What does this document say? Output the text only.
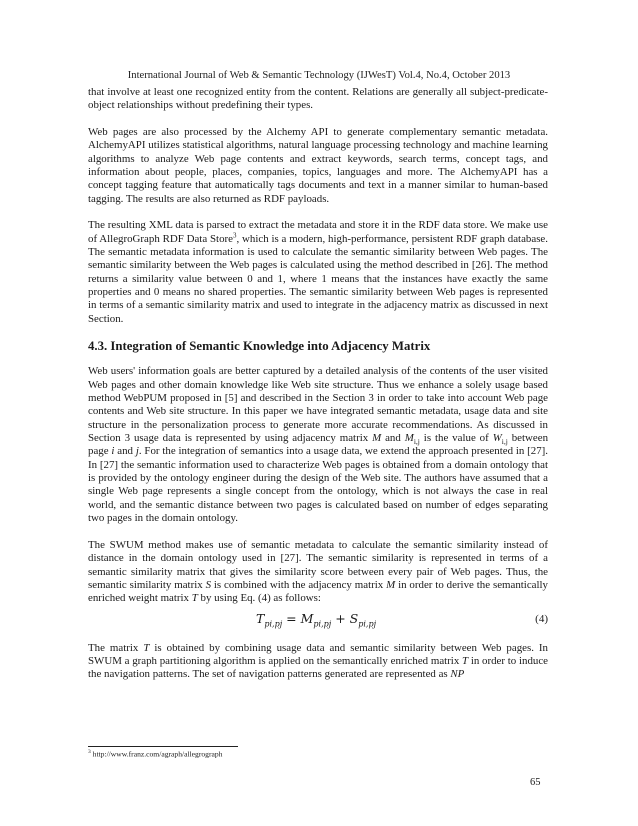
International Journal of Web & Semantic Technology (IJWesT) Vol.4, No.4, October 2013

that involve at least one recognized entity from the content. Relations are generally all subject-predicate-object relationships without predefining their types.

Web pages are also processed by the Alchemy API to generate complementary semantic metadata. AlchemyAPI utilizes statistical algorithms, natural language processing technology and machine learning algorithms to analyze Web page contents and extract keywords, search terms, concept tags, and information about people, places, companies, topics, languages and more. The AlchemyAPI has a concept tagging feature that automatically tags documents and text in a manner similar to human-based tagging. The results are also returned as RDF payloads.

The resulting XML data is parsed to extract the metadata and store it in the RDF data store. We make use of AllegroGraph RDF Data Store$^3$, which is a modern, high-performance, persistent RDF graph database. The semantic metadata information is used to calculate the semantic similarity between Web pages. The semantic similarity between the Web pages is calculated using the method described in [26]. The method returns a similarity value between 0 and 1, where 1 means that the instances have exactly the same properties and 0 means no shared properties. The semantic similarity between Web pages is represented in terms of a semantic similarity matrix and used to integrate in the adjacency matrix as discussed in next Section.

4.3. Integration of Semantic Knowledge into Adjacency Matrix

Web users' information goals are better captured by a detailed analysis of the contents of the user visited Web pages and other domain knowledge like Web site structure. Thus we enhance a solely usage based method WebPUM proposed in [5] and described in the Section 3 in order to take into account Web page contents and Web site structure. In this paper we have integrated semantic metadata, usage data and site structure in the personalization process to generate more accurate recommendations. As discussed in Section 3 usage data is represented by using adjacency matrix M and $M_{i,j}$ is the value of $W_{i,j}$ between page i and j. For the integration of semantics into a usage data, we extend the approach presented in [27]. In [27] the semantic information used to characterize Web pages is obtained from a domain ontology that is provided by the ontology engineer during the design of the Web site. The authors have assumed that a single Web page represents a single concept from the ontology, which is not always the case in real world, and the semantic distance between two pages is calculated based on number of edges separating two pages in the domain ontology.

The SWUM method makes use of semantic metadata to calculate the semantic similarity instead of distance in the domain ontology used in [27]. The semantic similarity is represented in terms of a semantic similarity matrix that gives the similarity score between every pair of Web pages. Thus, the semantic similarity matrix S is combined with the adjacency matrix M in order to derive the semantically enriched weight matrix T by using Eq. (4) as follows:

$T_{pi,pj} = M_{pi,pj} + S_{pi,pj}$	(4)

The matrix T is obtained by combining usage data and semantic similarity between Web pages. In SWUM a graph partitioning algorithm is applied on the semantically enriched matrix T in order to induce the navigation patterns. The set of navigation patterns generated are represented as NP

$^3$ http://www.franz.com/agraph/allegrograph
65
